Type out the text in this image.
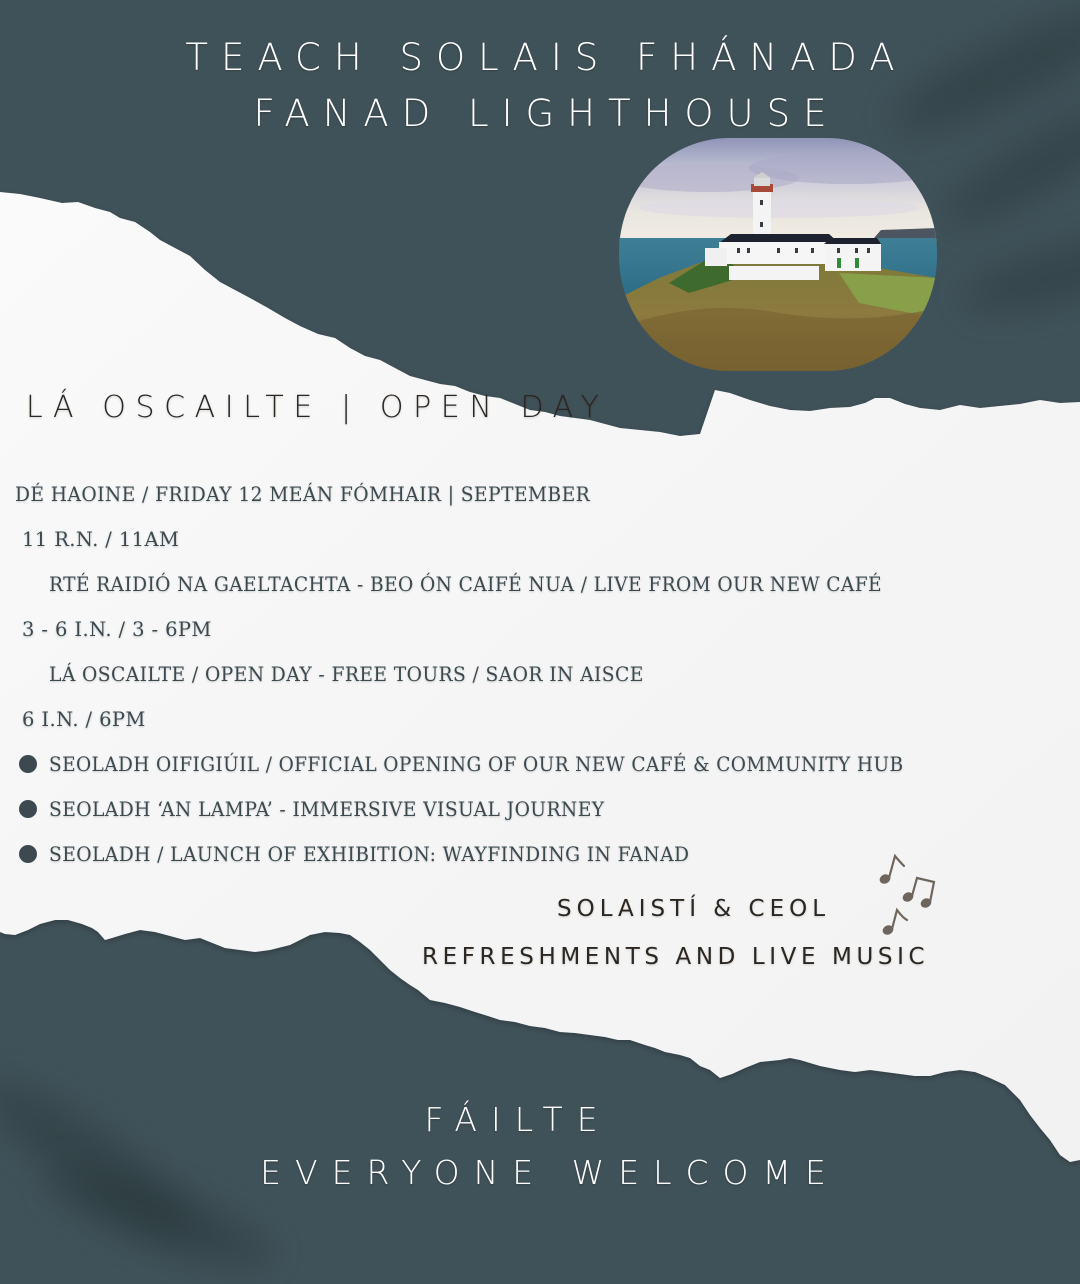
TEACH SOLAIS FHÁNADA
FANAD LIGHTHOUSE
LÁ OSCAILTE | OPEN DAY
DÉ HAOINE / FRIDAY 12 MEÁN FÓMHAIR | SEPTEMBER
11 R.N. / 11AM
RTÉ RAIDIÓ NA GAELTACHTA - BEO ÓN CAIFÉ NUA / LIVE FROM OUR NEW CAFÉ
3 - 6 I.N. / 3 - 6PM
LÁ OSCAILTE / OPEN DAY - FREE TOURS / SAOR IN AISCE
6 I.N. / 6PM
SEOLADH OIFIGIÚIL / OFFICIAL OPENING OF OUR NEW CAFÉ & COMMUNITY HUB
SEOLADH ‘AN LAMPA’ - IMMERSIVE VISUAL JOURNEY
SEOLADH / LAUNCH OF EXHIBITION: WAYFINDING IN FANAD
SOLAISTÍ & CEOL
REFRESHMENTS AND LIVE MUSIC
FÁILTE
EVERYONE WELCOME
